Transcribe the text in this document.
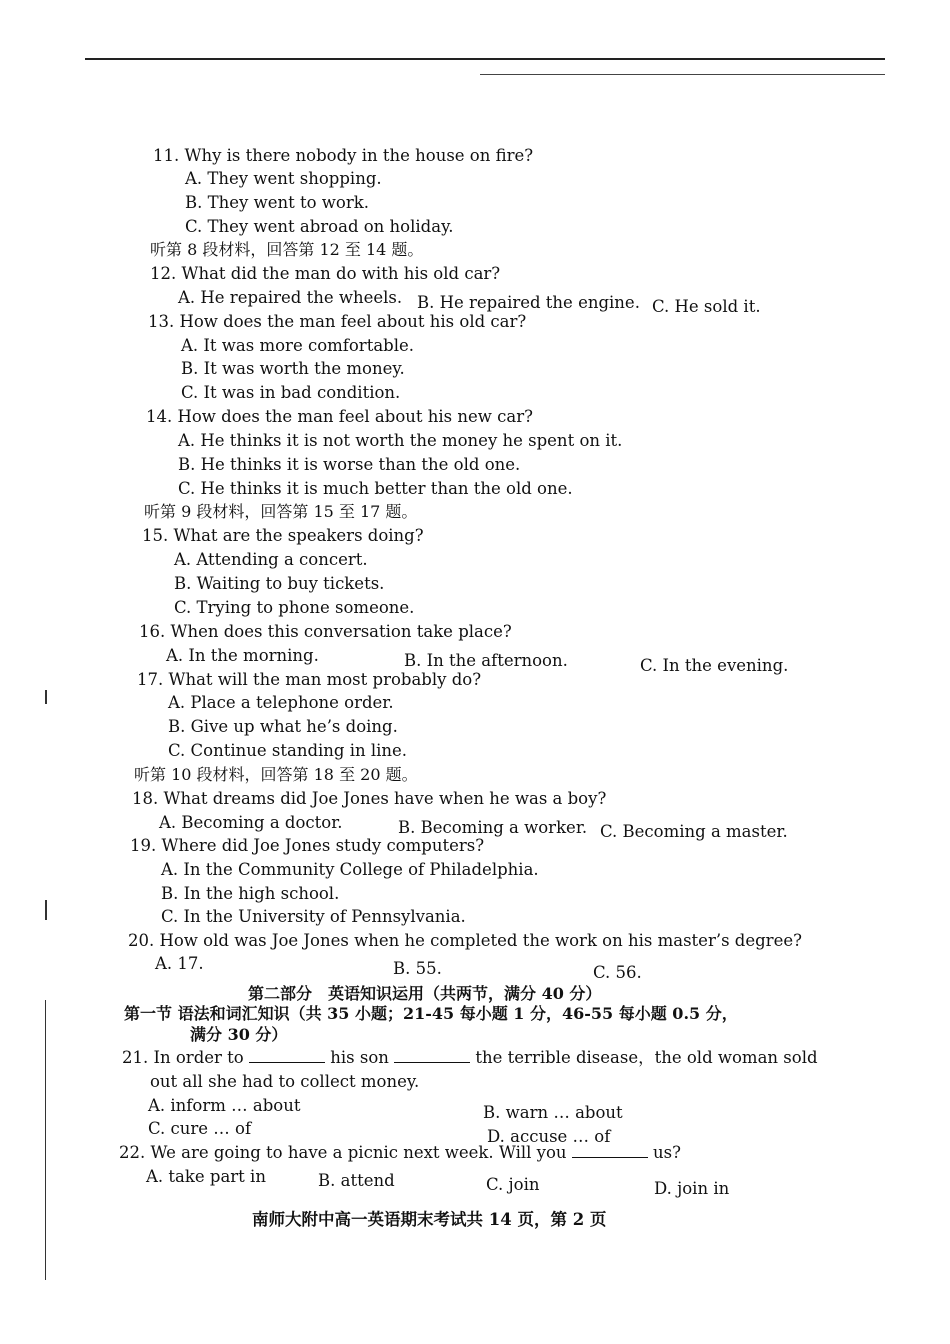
11. Why is there nobody in the house on fire?
A. They went shopping.
B. They went to work.
C. They went abroad on holiday.
听第 8 段材料，回答第 12 至 14 题。
12. What did the man do with his old car?
A. He repaired the wheels. B. He repaired the engine. C. He sold it.
13. How does the man feel about his old car?
A. It was more comfortable.
B. It was worth the money.
C. It was in bad condition.
14. How does the man feel about his new car?
A. He thinks it is not worth the money he spent on it.
B. He thinks it is worse than the old one.
C. He thinks it is much better than the old one.
听第 9 段材料，回答第 15 至 17 题。
15. What are the speakers doing?
A. Attending a concert.
B. Waiting to buy tickets.
C. Trying to phone someone.
16. When does this conversation take place?
A. In the morning.	B. In the afternoon.	C. In the evening.
17. What will the man most probably do?
A. Place a telephone order.
B. Give up what he’s doing.
C. Continue standing in line.
听第 10 段材料，回答第 18 至 20 题。
18. What dreams did Joe Jones have when he was a boy?
A. Becoming a doctor.	B. Becoming a worker. C. Becoming a master.
19. Where did Joe Jones study computers?
A. In the Community College of Philadelphia.
B. In the high school.
C. In the University of Pennsylvania.
20. How old was Joe Jones when he completed the work on his master’s degree?
A. 17.	B. 55.	C. 56.
第二部分　英语知识运用（共两节，满分 40 分）
第一节 语法和词汇知识（共 35 小题；21-45 每小题 1 分，46-55 每小题 0.5 分，
满分 30 分）
21. In order to	his son	the terrible disease，the old woman sold
out all she had to collect money.
A. inform … about	B. warn … about
C. cure … of	D. accuse … of
22. We are going to have a picnic next week. Will you	us?
A. take part in	B. attend	C. join	D. join in
南师大附中高一英语期末考试共 14 页，第 2 页
